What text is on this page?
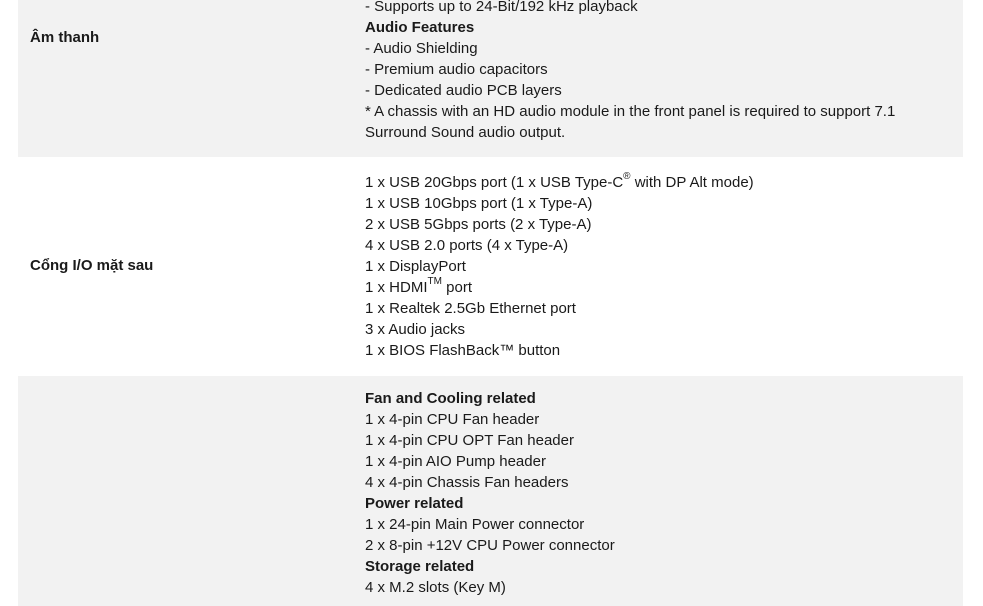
Âm thanh
- Supports up to 24-Bit/192 kHz playback
Audio Features
- Audio Shielding
- Premium audio capacitors
- Dedicated audio PCB layers
* A chassis with an HD audio module in the front panel is required to support 7.1 Surround Sound audio output.
Cổng I/O mặt sau
1 x USB 20Gbps port (1 x USB Type-C® with DP Alt mode)
1 x USB 10Gbps port (1 x Type-A)
2 x USB 5Gbps ports (2 x Type-A)
4 x USB 2.0 ports (4 x Type-A)
1 x DisplayPort
1 x HDMI™ port
1 x Realtek 2.5Gb Ethernet port
3 x Audio jacks
1 x BIOS FlashBack™ button
Fan and Cooling related
1 x 4-pin CPU Fan header
1 x 4-pin CPU OPT Fan header
1 x 4-pin AIO Pump header
4 x 4-pin Chassis Fan headers
Power related
1 x 24-pin Main Power connector
2 x 8-pin +12V CPU Power connector
Storage related
4 x M.2 slots (Key M)
